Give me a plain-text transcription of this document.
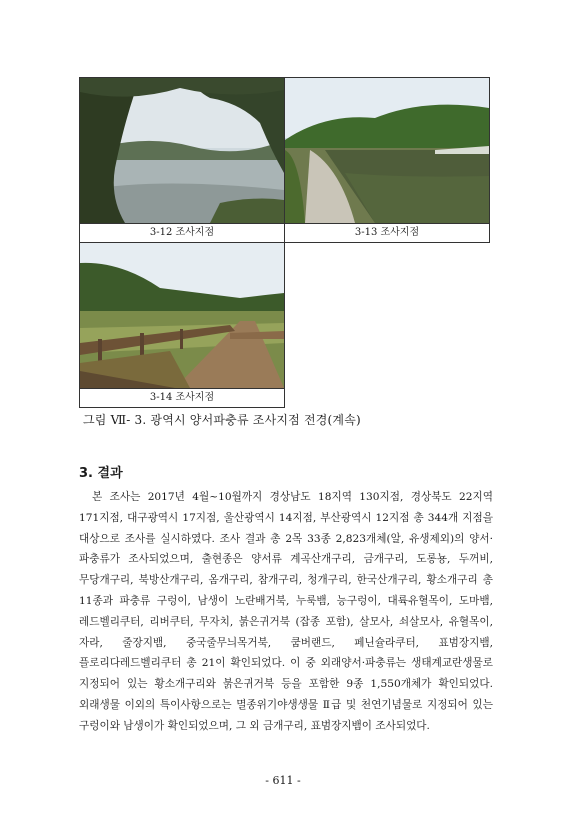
3-12 조사지점	3-13 조사지점

3-14 조사지점	

그림 Ⅶ- 3. 광역시 양서파충류 조사지점 전경(계속)
3. 결과
본 조사는 2017년 4월~10월까지 경상남도 18지역 130지점, 경상북도 22지역 171지점, 대구광역시 17지점, 울산광역시 14지점, 부산광역시 12지점 총 344개 지점을 대상으로 조사를 실시하였다. 조사 결과 총 2목 33종 2,823개체(알, 유생제외)의 양서·파충류가 조사되었으며, 출현종은 양서류 계곡산개구리, 금개구리, 도롱뇽, 두꺼비, 무당개구리, 북방산개구리, 옴개구리, 참개구리, 청개구리, 한국산개구리, 황소개구리 총 11종과 파충류 구렁이, 남생이 노란배거북, 누룩뱀, 능구렁이, 대륙유혈목이, 도마뱀, 레드벨리쿠터, 리버쿠터, 무자치, 붉은귀거북 (잡종 포함), 살모사, 쇠살모사, 유혈목이, 자라, 줄장지뱀, 중국줄무늬목거북, 쿰버랜드, 페닌슐라쿠터, 표범장지뱀, 플로리다레드벨리쿠터 총 21이 확인되었다. 이 중 외래양서·파충류는 생태계교란생물로 지정되어 있는 황소개구리와 붉은귀거북 등을 포함한 9종 1,550개체가 확인되었다. 외래생물 이외의 특이사항으로는 멸종위기야생생물 Ⅱ급 및 천연기념물로 지정되어 있는 구렁이와 남생이가 확인되었으며, 그 외 금개구리, 표범장지뱀이 조사되었다.
- 611 -
